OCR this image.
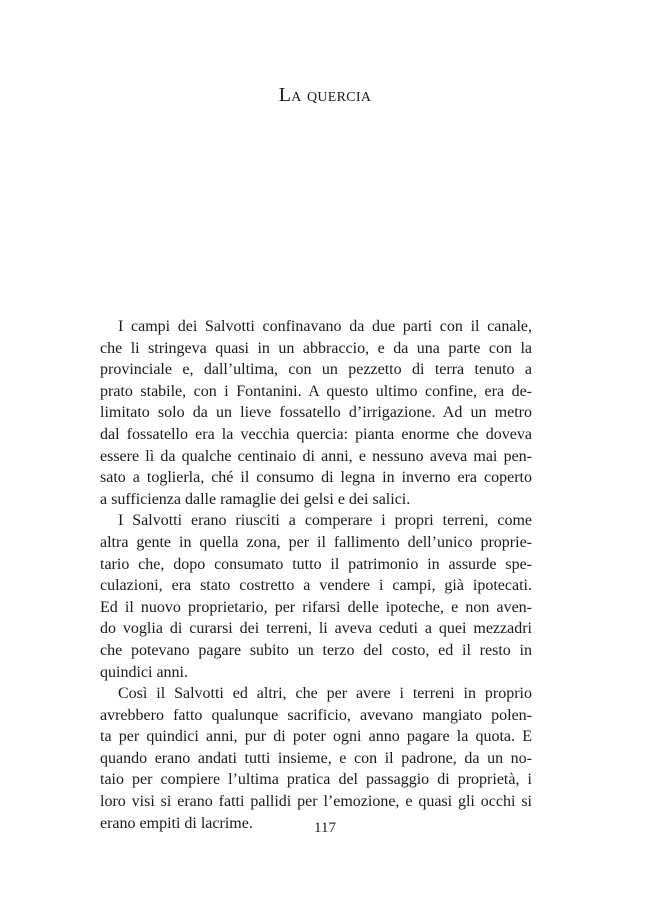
La quercia
I campi dei Salvotti confinavano da due parti con il canale,
che li stringeva quasi in un abbraccio, e da una parte con la
provinciale e, dall’ultima, con un pezzetto di terra tenuto a
prato stabile, con i Fontanini. A questo ultimo confine, era de-
limitato solo da un lieve fossatello d’irrigazione. Ad un metro
dal fossatello era la vecchia quercia: pianta enorme che doveva
essere lì da qualche centinaio di anni, e nessuno aveva mai pen-
sato a toglierla, ché il consumo di legna in inverno era coperto
a sufficienza dalle ramaglie dei gelsi e dei salici.
I Salvotti erano riusciti a comperare i propri terreni, come
altra gente in quella zona, per il fallimento dell’unico proprie-
tario che, dopo consumato tutto il patrimonio in assurde spe-
culazioni, era stato costretto a vendere i campi, già ipotecati.
Ed il nuovo proprietario, per rifarsi delle ipoteche, e non aven-
do voglia di curarsi dei terreni, li aveva ceduti a quei mezzadri
che potevano pagare subito un terzo del costo, ed il resto in
quindici anni.
Così il Salvotti ed altri, che per avere i terreni in proprio
avrebbero fatto qualunque sacrificio, avevano mangiato polen-
ta per quindici anni, pur di poter ogni anno pagare la quota. E
quando erano andati tutti insieme, e con il padrone, da un no-
taio per compiere l’ultima pratica del passaggio di proprietà, i
loro visi si erano fatti pallidi per l’emozione, e quasi gli occhi si
erano empiti di lacrime.	117
